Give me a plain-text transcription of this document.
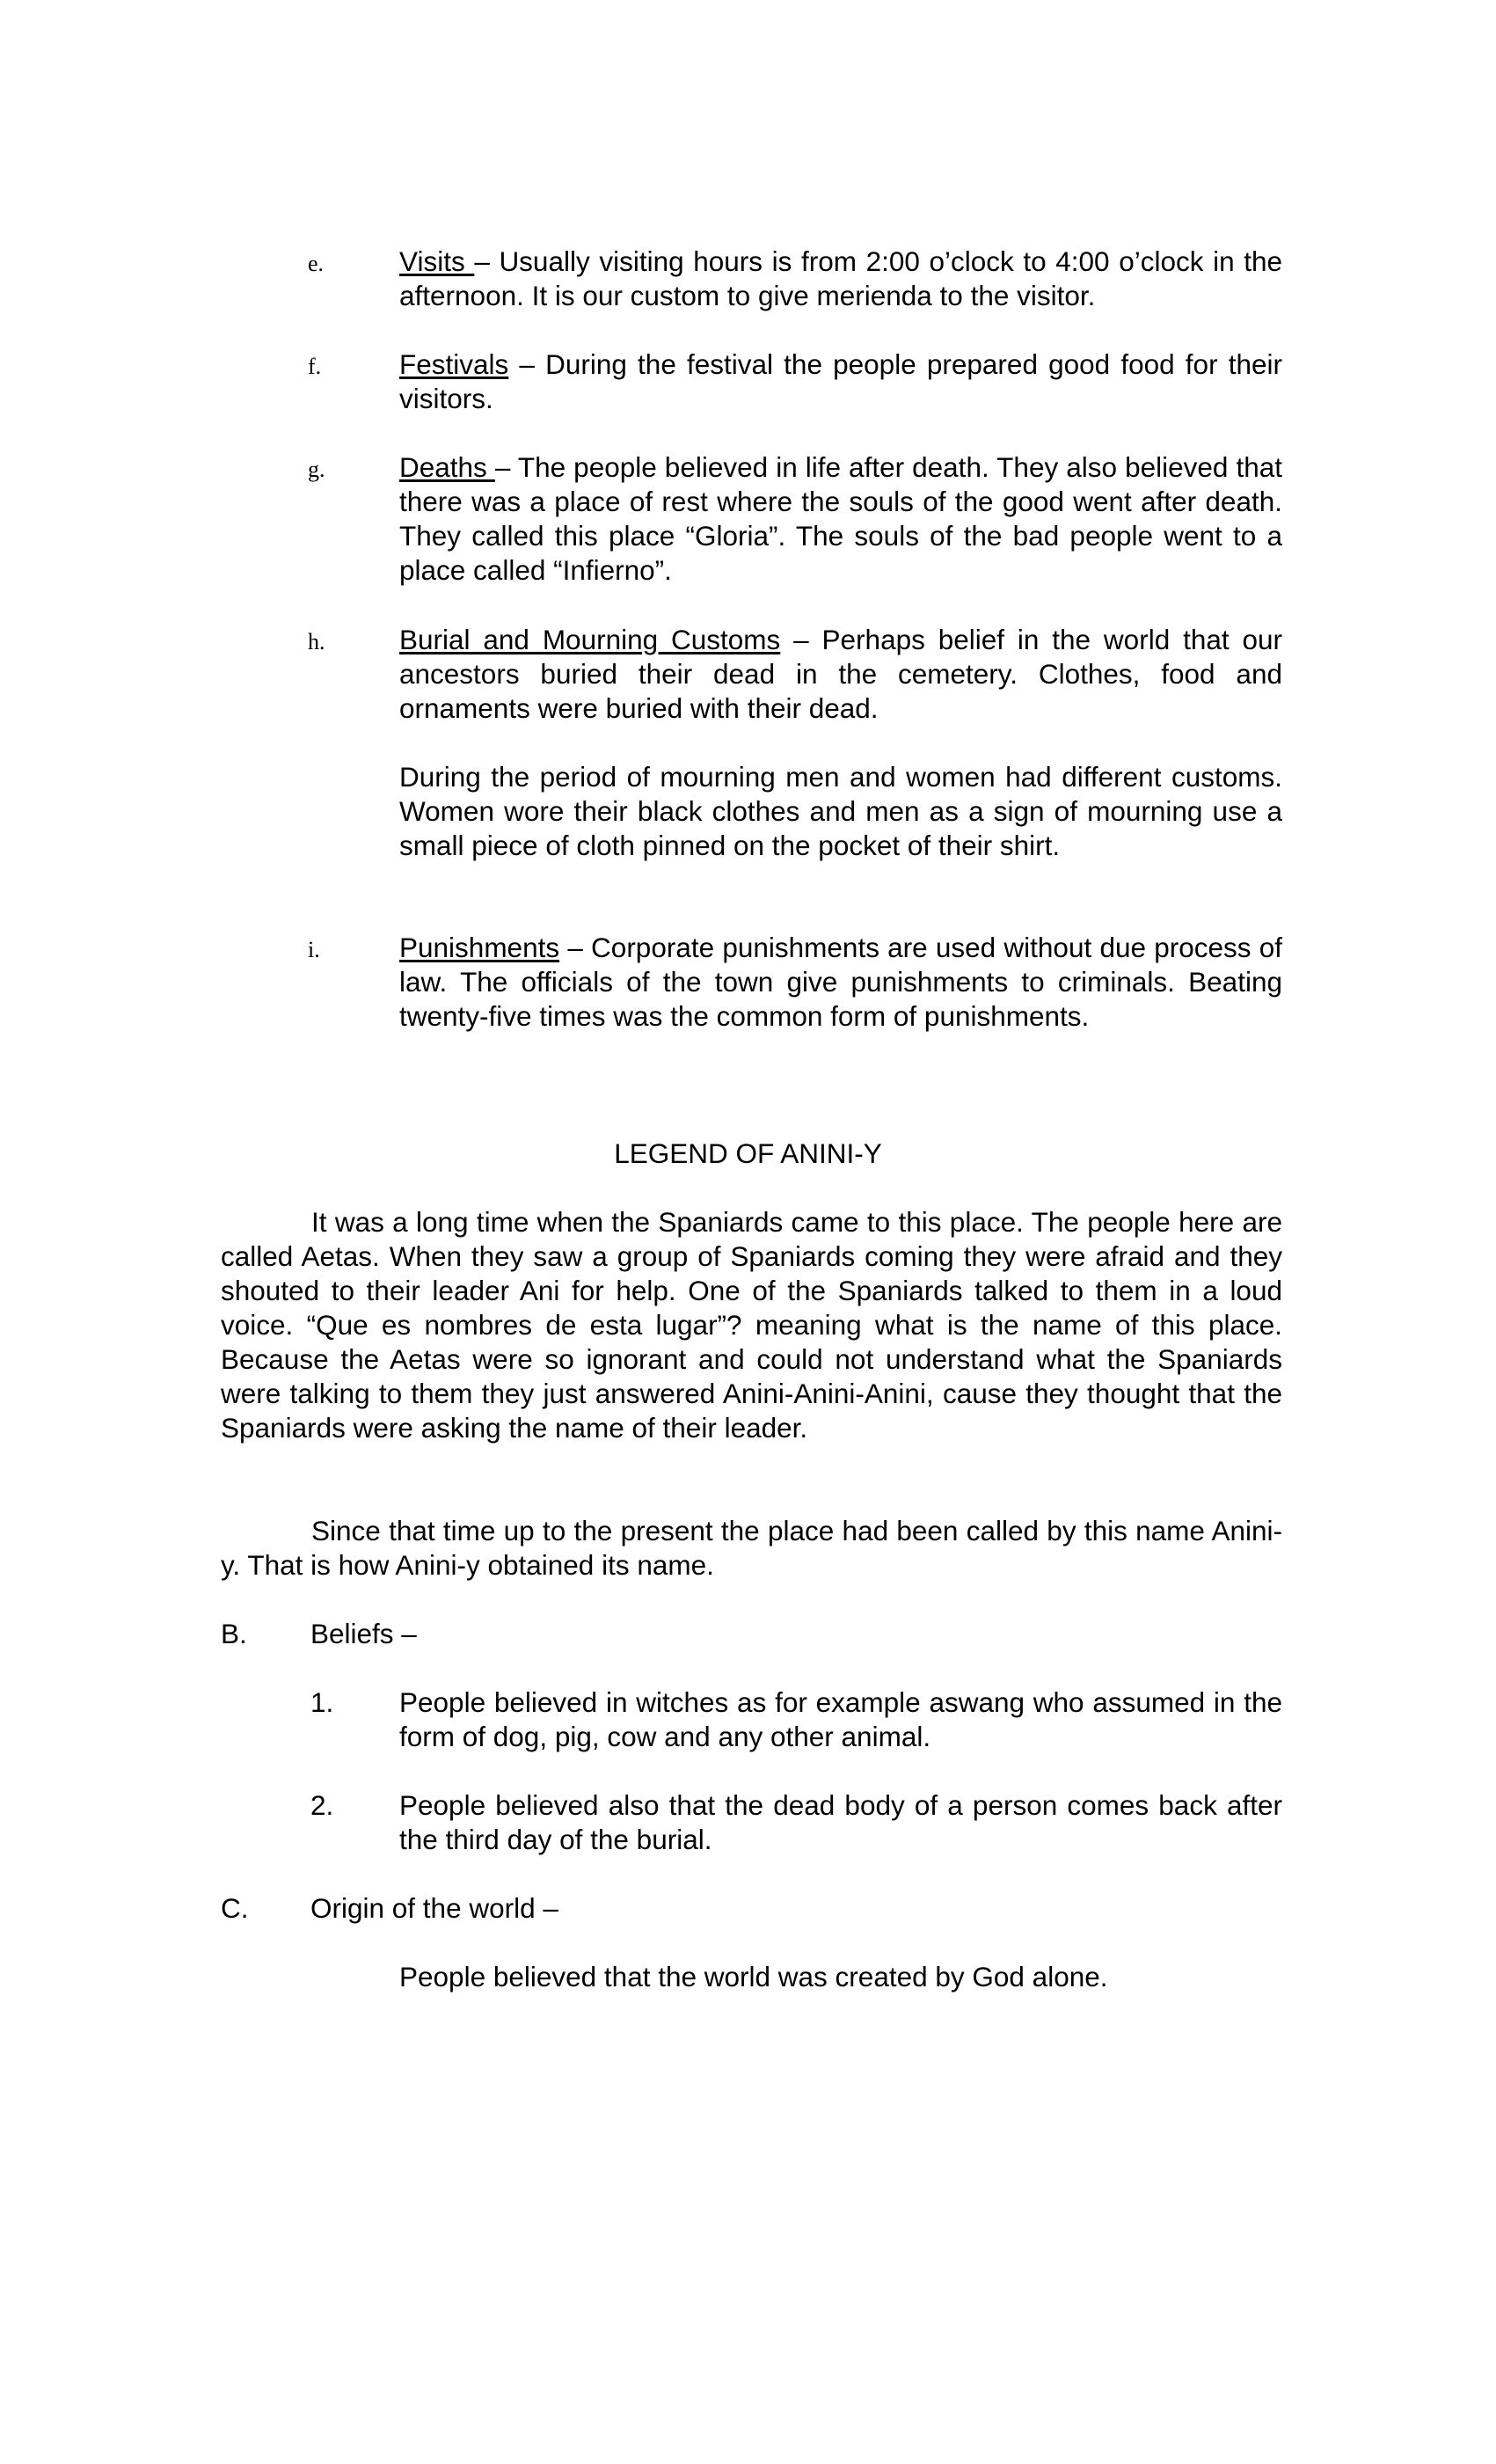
e.	Visits – Usually visiting hours is from 2:00 o’clock to 4:00 o’clock in the afternoon. It is our custom to give merienda to the visitor.
f.	Festivals – During the festival the people prepared good food for their visitors.
g.	Deaths – The people believed in life after death. They also believed that there was a place of rest where the souls of the good went after death. They called this place “Gloria”. The souls of the bad people went to a place called “Infierno”.
h.	Burial and Mourning Customs – Perhaps belief in the world that our ancestors buried their dead in the cemetery. Clothes, food and ornaments were buried with their dead.
During the period of mourning men and women had different customs. Women wore their black clothes and men as a sign of mourning use a small piece of cloth pinned on the pocket of their shirt.
i.	Punishments – Corporate punishments are used without due process of law. The officials of the town give punishments to criminals. Beating twenty-five times was the common form of punishments.
LEGEND OF ANINI-Y
It was a long time when the Spaniards came to this place. The people here are called Aetas. When they saw a group of Spaniards coming they were afraid and they shouted to their leader Ani for help. One of the Spaniards talked to them in a loud voice. “Que es nombres de esta lugar”? meaning what is the name of this place. Because the Aetas were so ignorant and could not understand what the Spaniards were talking to them they just answered Anini-Anini-Anini, cause they thought that the Spaniards were asking the name of their leader.
Since that time up to the present the place had been called by this name Anini-y. That is how Anini-y obtained its name.
B. Beliefs –
1. People believed in witches as for example aswang who assumed in the form of dog, pig, cow and any other animal.
2. People believed also that the dead body of a person comes back after the third day of the burial.
C. Origin of the world –
People believed that the world was created by God alone.
